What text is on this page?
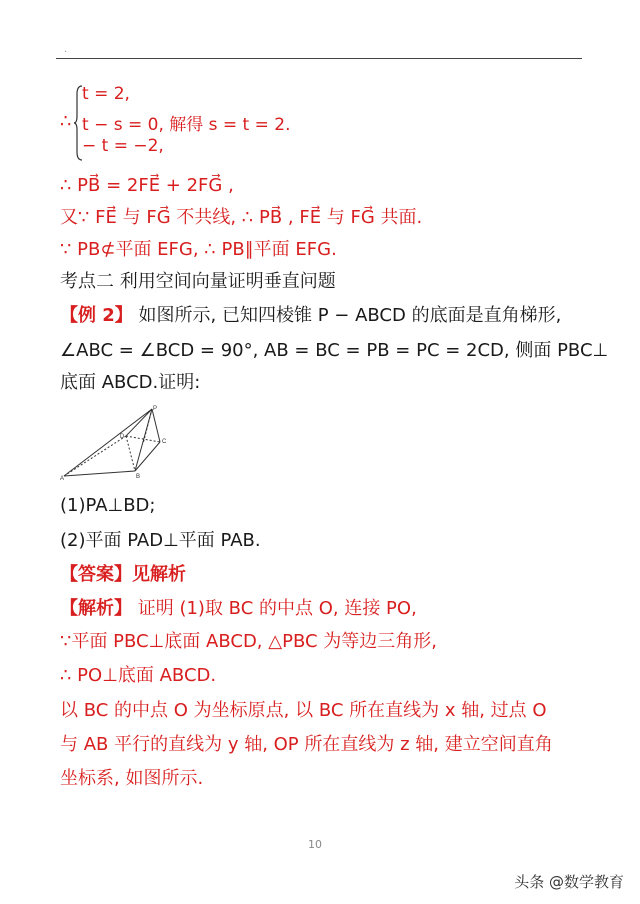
.
∴
t = 2,
t − s = 0, 解得 s = t = 2.
− t = −2,
∴ PB⃗ = 2FE⃗ + 2FG⃗ ,
又∵ FE⃗ 与 FG⃗ 不共线, ∴ PB⃗ , FE⃗ 与 FG⃗ 共面.
∵ PB⊄平面 EFG, ∴ PB∥平面 EFG.
考点二 利用空间向量证明垂直问题
【例 2】 如图所示, 已知四棱锥 P − ABCD 的底面是直角梯形,
∠ABC = ∠BCD = 90°, AB = BC = PB = PC = 2CD, 侧面 PBC⊥
底面 ABCD.证明:
P
D
C
A	B
(1)PA⊥BD;
(2)平面 PAD⊥平面 PAB.
【答案】见解析
【解析】 证明 (1)取 BC 的中点 O, 连接 PO,
∵平面 PBC⊥底面 ABCD, △PBC 为等边三角形,
∴ PO⊥底面 ABCD.
以 BC 的中点 O 为坐标原点, 以 BC 所在直线为 x 轴, 过点 O
与 AB 平行的直线为 y 轴, OP 所在直线为 z 轴, 建立空间直角
坐标系, 如图所示.
10
头条 @数学教育
